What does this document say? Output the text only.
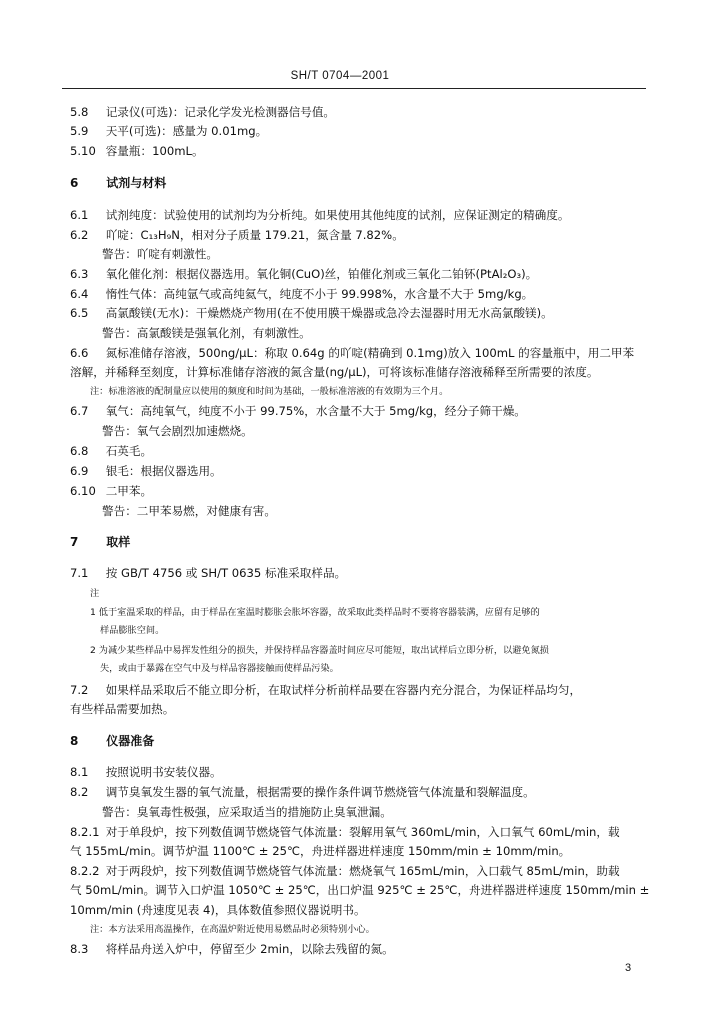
SH/T 0704—2001
5.8 记录仪(可选)：记录化学发光检测器信号值。
5.9 天平(可选)：感量为 0.01mg。
5.10 容量瓶：100mL。
6 试剂与材料
6.1 试剂纯度：试验使用的试剂均为分析纯。如果使用其他纯度的试剂，应保证测定的精确度。
6.2 吖啶：C₁₃H₉N，相对分子质量 179.21，氮含量 7.82%。
警告：吖啶有刺激性。
6.3 氧化催化剂：根据仪器选用。氧化铜(CuO)丝，铂催化剂或三氧化二铂钚(PtAl₂O₃)。
6.4 惰性气体：高纯氩气或高纯氦气，纯度不小于 99.998%，水含量不大于 5mg/kg。
6.5 高氯酸镁(无水)：干燥燃烧产物用(在不使用膜干燥器或急冷去湿器时用无水高氯酸镁)。
警告：高氯酸镁是强氧化剂，有刺激性。
6.6 氮标准储存溶液，500ng/μL：称取 0.64g 的吖啶(精确到 0.1mg)放入 100mL 的容量瓶中，用二甲苯
溶解，并稀释至刻度，计算标准储存溶液的氮含量(ng/μL)，可将该标准储存溶液稀释至所需要的浓度。
注：标准溶液的配制量应以使用的频度和时间为基础，一般标准溶液的有效期为三个月。
6.7 氧气：高纯氧气，纯度不小于 99.75%，水含量不大于 5mg/kg，经分子筛干燥。
警告：氧气会剧烈加速燃烧。
6.8 石英毛。
6.9 银毛：根据仪器选用。
6.10 二甲苯。
警告：二甲苯易燃，对健康有害。
7 取样
7.1 按 GB/T 4756 或 SH/T 0635 标准采取样品。
注
1 低于室温采取的样品，由于样品在室温时膨胀会胀坏容器，故采取此类样品时不要将容器装满，应留有足够的
样品膨胀空间。
2 为减少某些样品中易挥发性组分的损失，并保持样品容器盖时间应尽可能短，取出试样后立即分析，以避免氮损
失，或由于暴露在空气中及与样品容器接触而使样品污染。
7.2 如果样品采取后不能立即分析，在取试样分析前样品要在容器内充分混合，为保证样品均匀，
有些样品需要加热。
8 仪器准备
8.1 按照说明书安装仪器。
8.2 调节臭氧发生器的氧气流量，根据需要的操作条件调节燃烧管气体流量和裂解温度。
警告：臭氧毒性极强，应采取适当的措施防止臭氧泄漏。
8.2.1 对于单段炉，按下列数值调节燃烧管气体流量：裂解用氧气 360mL/min，入口氧气 60mL/min，载
气 155mL/min。调节炉温 1100℃ ± 25℃，舟进样器进样速度 150mm/min ± 10mm/min。
8.2.2 对于两段炉，按下列数值调节燃烧管气体流量：燃烧氧气 165mL/min，入口载气 85mL/min，助载
气 50mL/min。调节入口炉温 1050℃ ± 25℃，出口炉温 925℃ ± 25℃，舟进样器进样速度 150mm/min ±
10mm/min (舟速度见表 4)，具体数值参照仪器说明书。
注：本方法采用高温操作，在高温炉附近使用易燃品时必须特别小心。
8.3 将样品舟送入炉中，停留至少 2min，以除去残留的氮。
3
